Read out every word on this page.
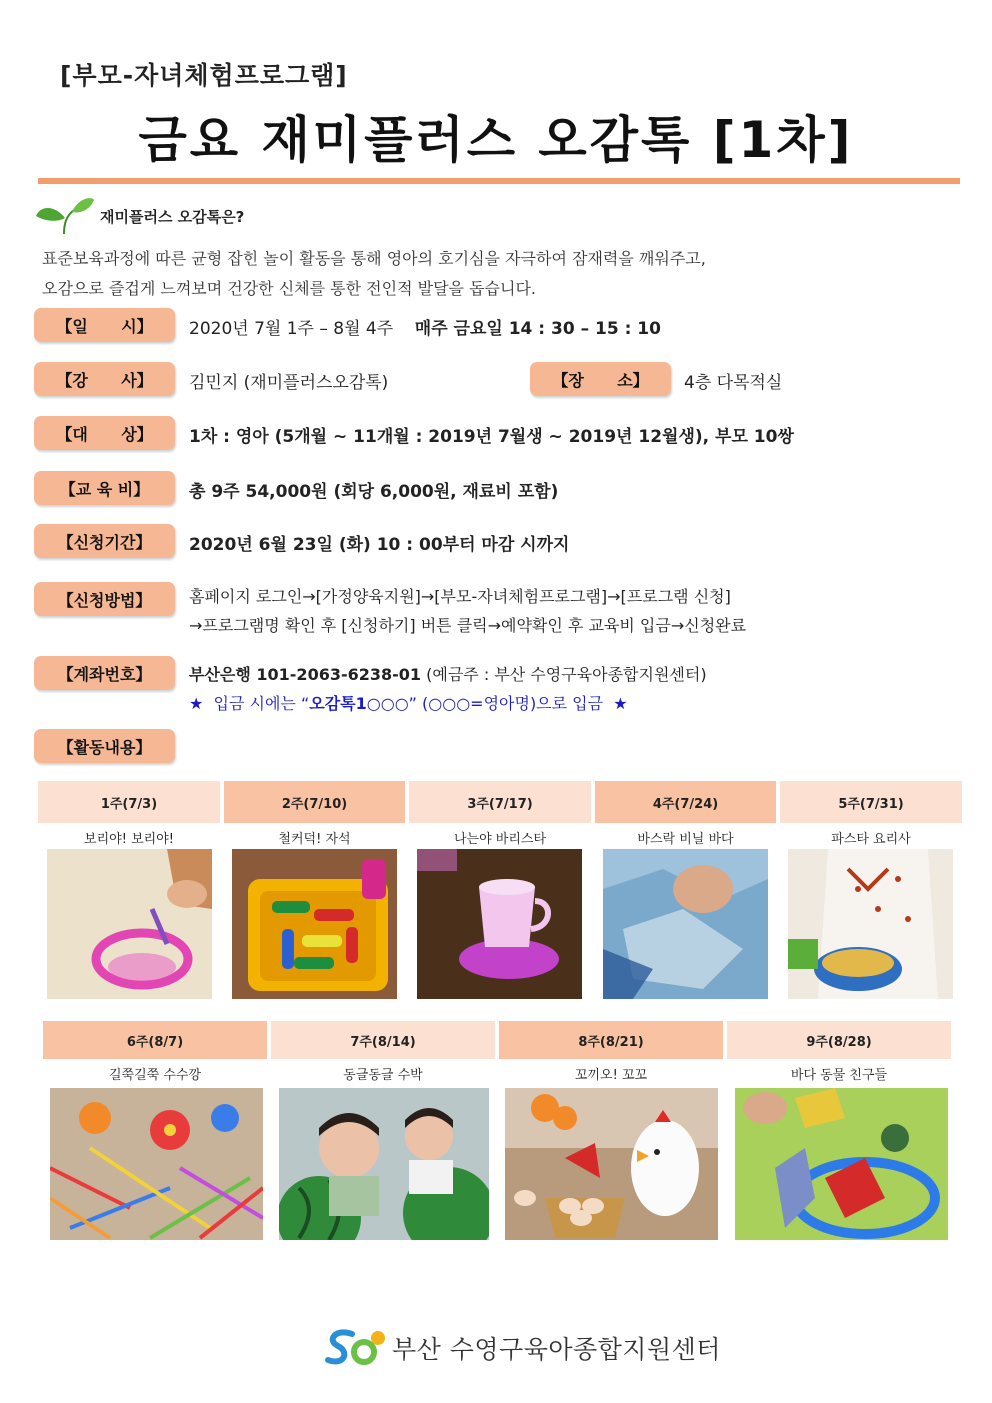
[부모-자녀체험프로그램]
금요 재미플러스 오감톡 [1차]
재미플러스 오감톡은?
표준보육과정에 따른 균형 잡힌 놀이 활동을 통해 영아의 호기심을 자극하여 잠재력을 깨워주고,
오감으로 즐겁게 느껴보며 건강한 신체를 통한 전인적 발달을 돕습니다.
【일      시】	2020년 7월 1주 – 8월 4주 매주 금요일 14 : 30 – 15 : 10
【강      사】	김민지 (재미플러스오감톡)	【장      소】	4층 다목적실
【대      상】	1차 : 영아 (5개월 ~ 11개월 : 2019년 7월생 ~ 2019년 12월생), 부모 10쌍
【교 육 비】	총 9주 54,000원 (회당 6,000원, 재료비 포함)
【신청기간】	2020년 6월 23일 (화) 10 : 00부터 마감 시까지
【신청방법】	홈페이지 로그인→[가정양육지원]→[부모-자녀체험프로그램]→[프로그램 신청]
→프로그램명 확인 후 [신청하기] 버튼 클릭→예약확인 후 교육비 입금→신청완료
【계좌번호】	부산은행 101-2063-6238-01 (예금주 : 부산 수영구육아종합지원센터)
★ 입금 시에는 “오감톡1○○○” (○○○=영아명)으로 입금 ★
【활동내용】
1주(7/3)
보리야! 보리야!
2주(7/10)
철커덕! 자석
3주(7/17)
나는야 바리스타
4주(7/24)
바스락 비닐 바다
5주(7/31)
파스타 요리사
6주(8/7)
길쭉길쭉 수수깡
7주(8/14)
동글동글 수박
8주(8/21)
꼬끼오! 꼬꼬
9주(8/28)
바다 동물 친구들
부산 수영구육아종합지원센터
